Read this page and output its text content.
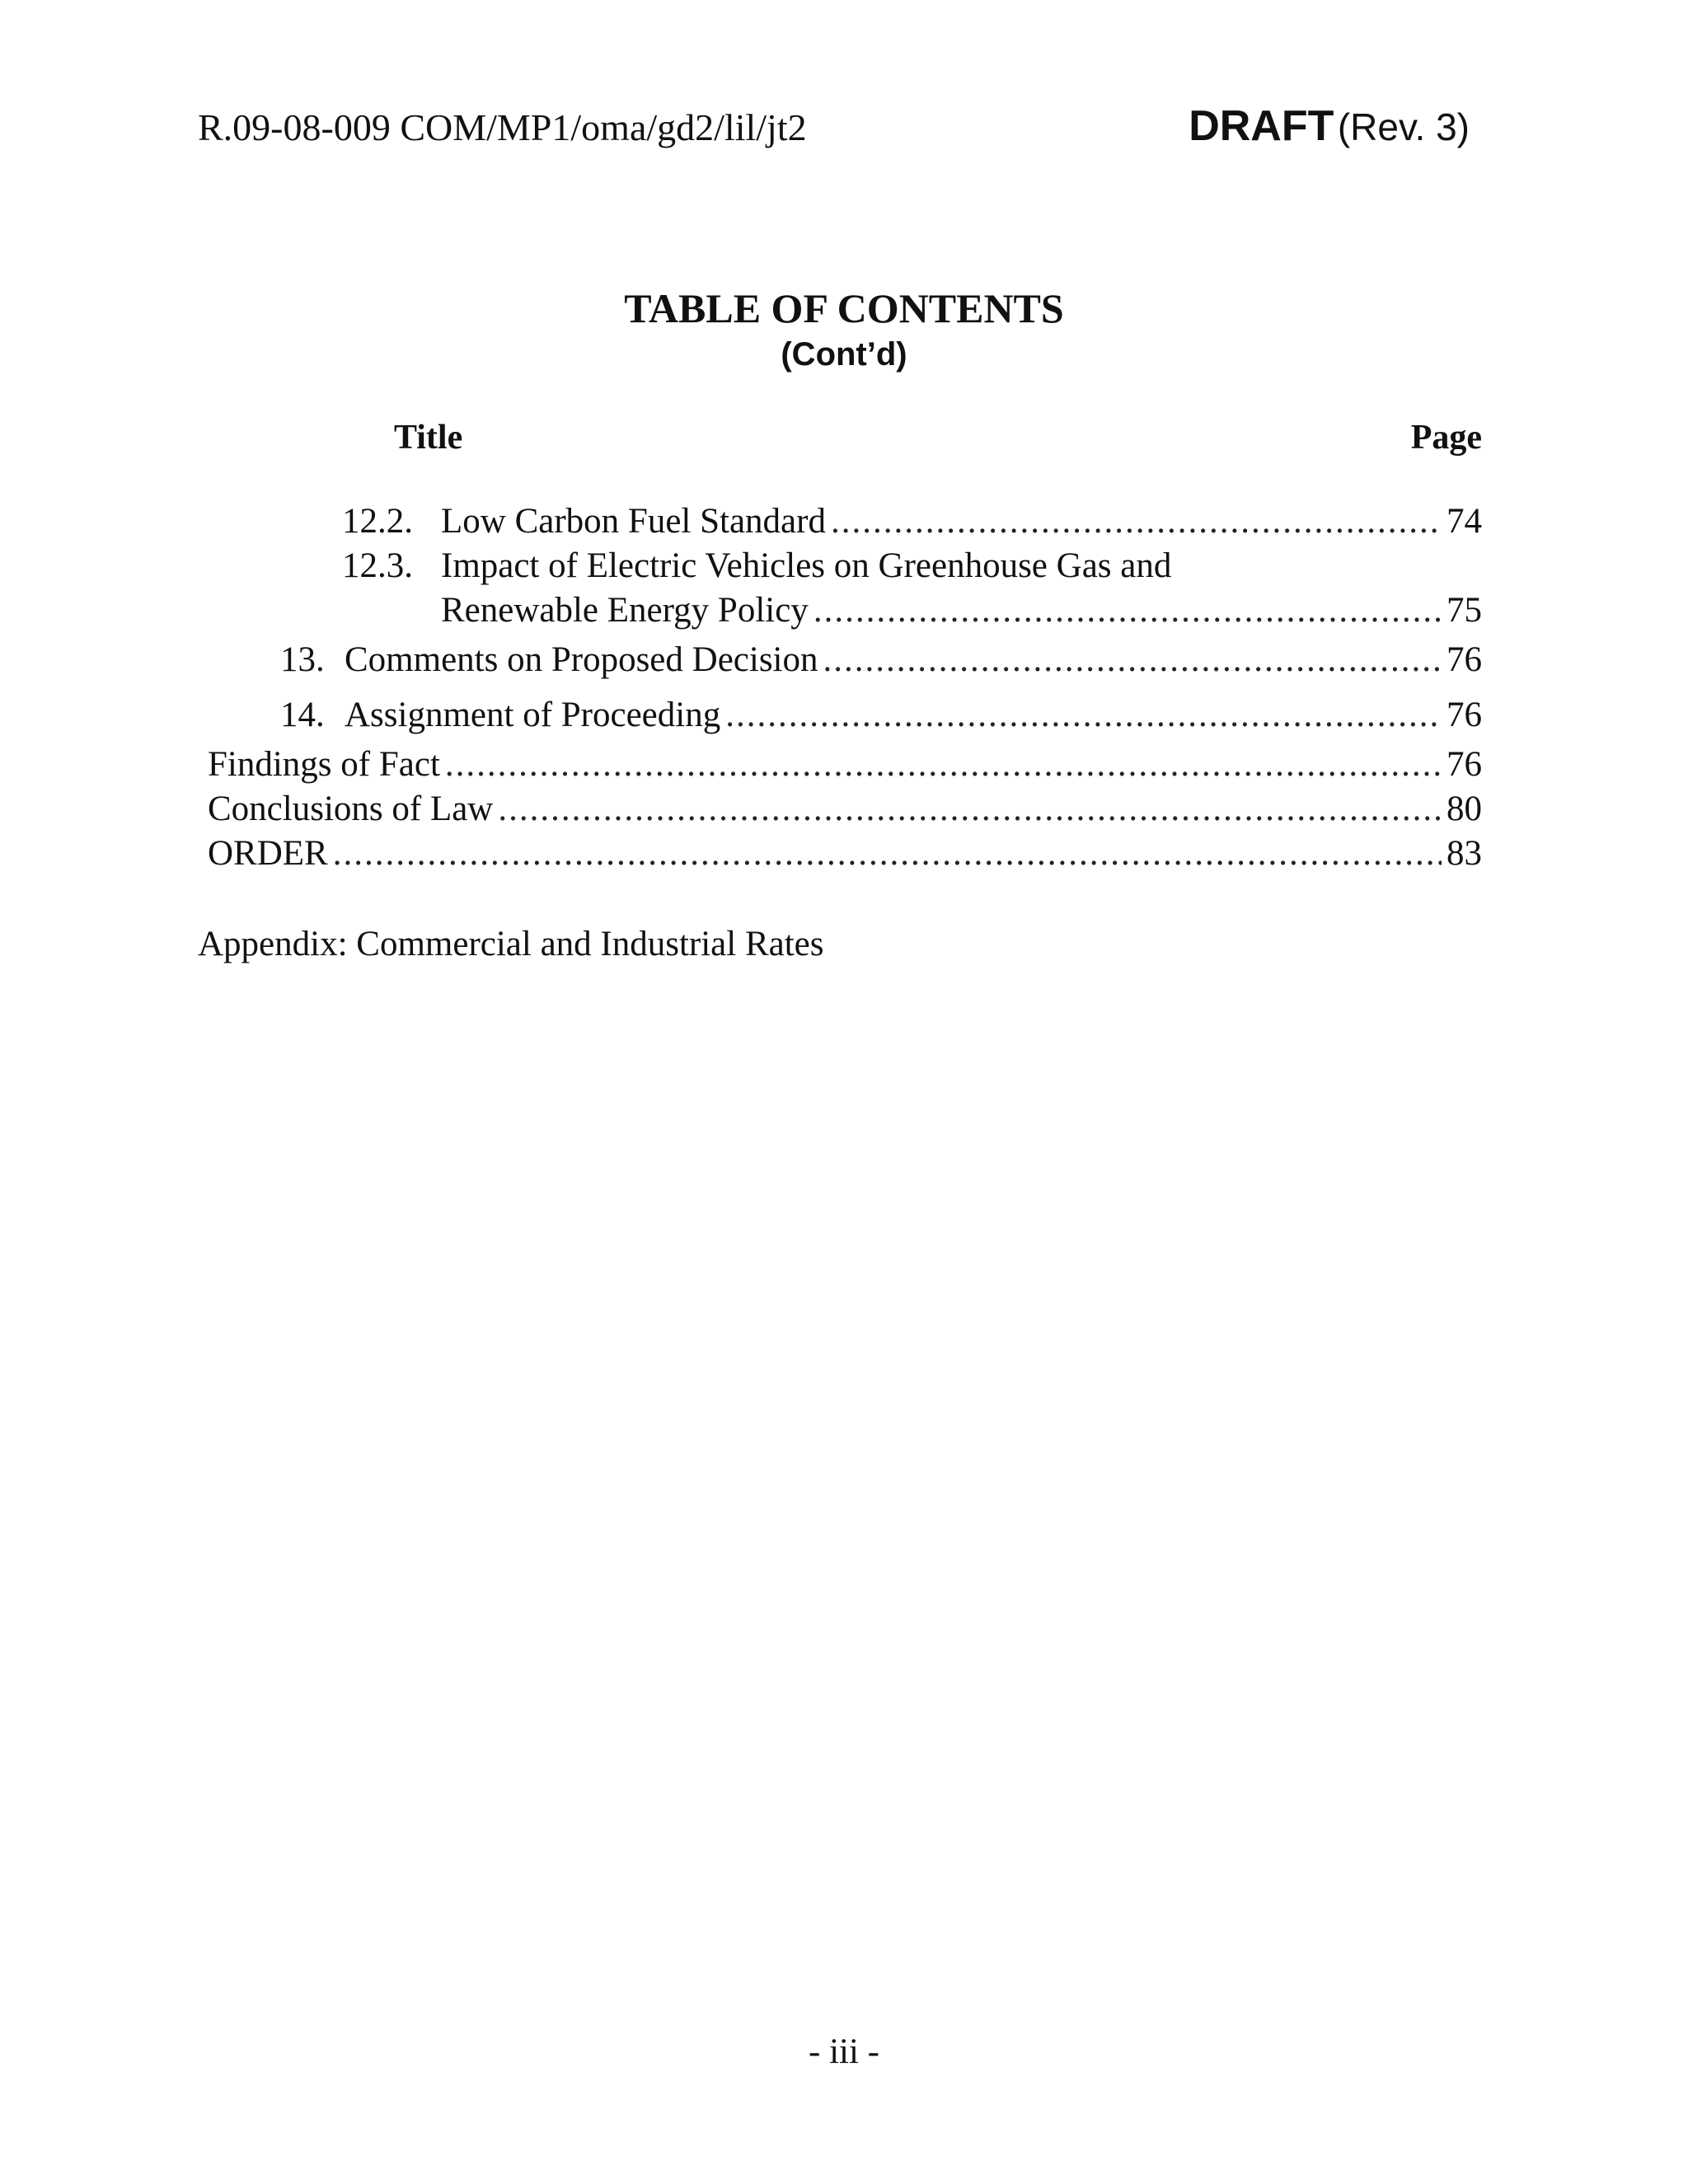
R.09-08-009 COM/MP1/oma/gd2/lil/jt2	DRAFT (Rev. 3)
TABLE OF CONTENTS
(Cont’d)
Title	Page
12.2. Low Carbon Fuel Standard .....	74
12.3. Impact of Electric Vehicles on Greenhouse Gas and
Renewable Energy Policy .....	75
13. Comments on Proposed Decision .....	76
14. Assignment of Proceeding .....	76
Findings of Fact .....	76
Conclusions of Law .....	80
ORDER .....	83
Appendix: Commercial and Industrial Rates
- iii -
